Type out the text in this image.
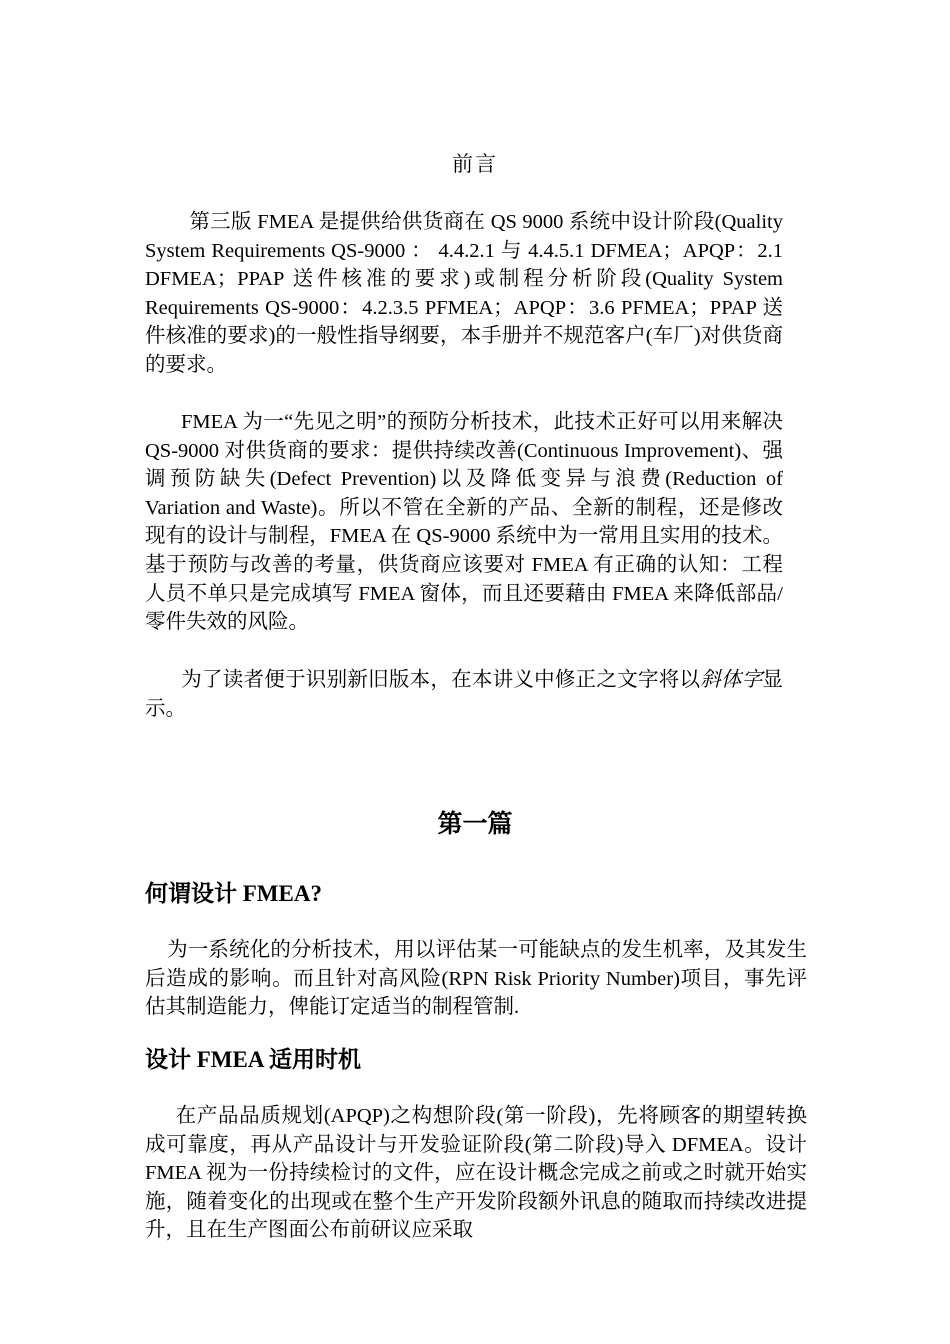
前言
第三版 FMEA 是提供给供货商在 QS 9000 系统中设计阶段(Quality System Requirements QS-9000 ： 4.4.2.1 与 4.4.5.1 DFMEA；APQP：2.1 DFMEA；PPAP 送件核准的要求)或制程分析阶段(Quality System Requirements QS-9000：4.2.3.5 PFMEA；APQP：3.6 PFMEA；PPAP 送件核准的要求)的一般性指导纲要，本手册并不规范客户(车厂)对供货商的要求。
FMEA 为一“先见之明”的预防分析技术，此技术正好可以用来解决 QS-9000 对供货商的要求：提供持续改善(Continuous Improvement)、强调预防缺失(Defect Prevention)以及降低变异与浪费(Reduction of Variation and Waste)。所以不管在全新的产品、全新的制程，还是修改现有的设计与制程，FMEA 在 QS-9000 系统中为一常用且实用的技术。基于预防与改善的考量，供货商应该要对 FMEA 有正确的认知：工程人员不单只是完成填写 FMEA 窗体，而且还要藉由 FMEA 来降低部品/零件失效的风险。
为了读者便于识别新旧版本，在本讲义中修正之文字将以斜体字显示。
第一篇
何谓设计 FMEA?
为一系统化的分析技术，用以评估某一可能缺点的发生机率，及其发生后造成的影响。而且针对高风险(RPN Risk Priority Number)项目，事先评估其制造能力，俾能订定适当的制程管制.
设计 FMEA 适用时机
在产品品质规划(APQP)之构想阶段(第一阶段)，先将顾客的期望转换成可靠度，再从产品设计与开发验证阶段(第二阶段)导入 DFMEA。设计 FMEA 视为一份持续检讨的文件，应在设计概念完成之前或之时就开始实施，随着变化的出现或在整个生产开发阶段额外讯息的随取而持续改进提升，且在生产图面公布前研议应采取
